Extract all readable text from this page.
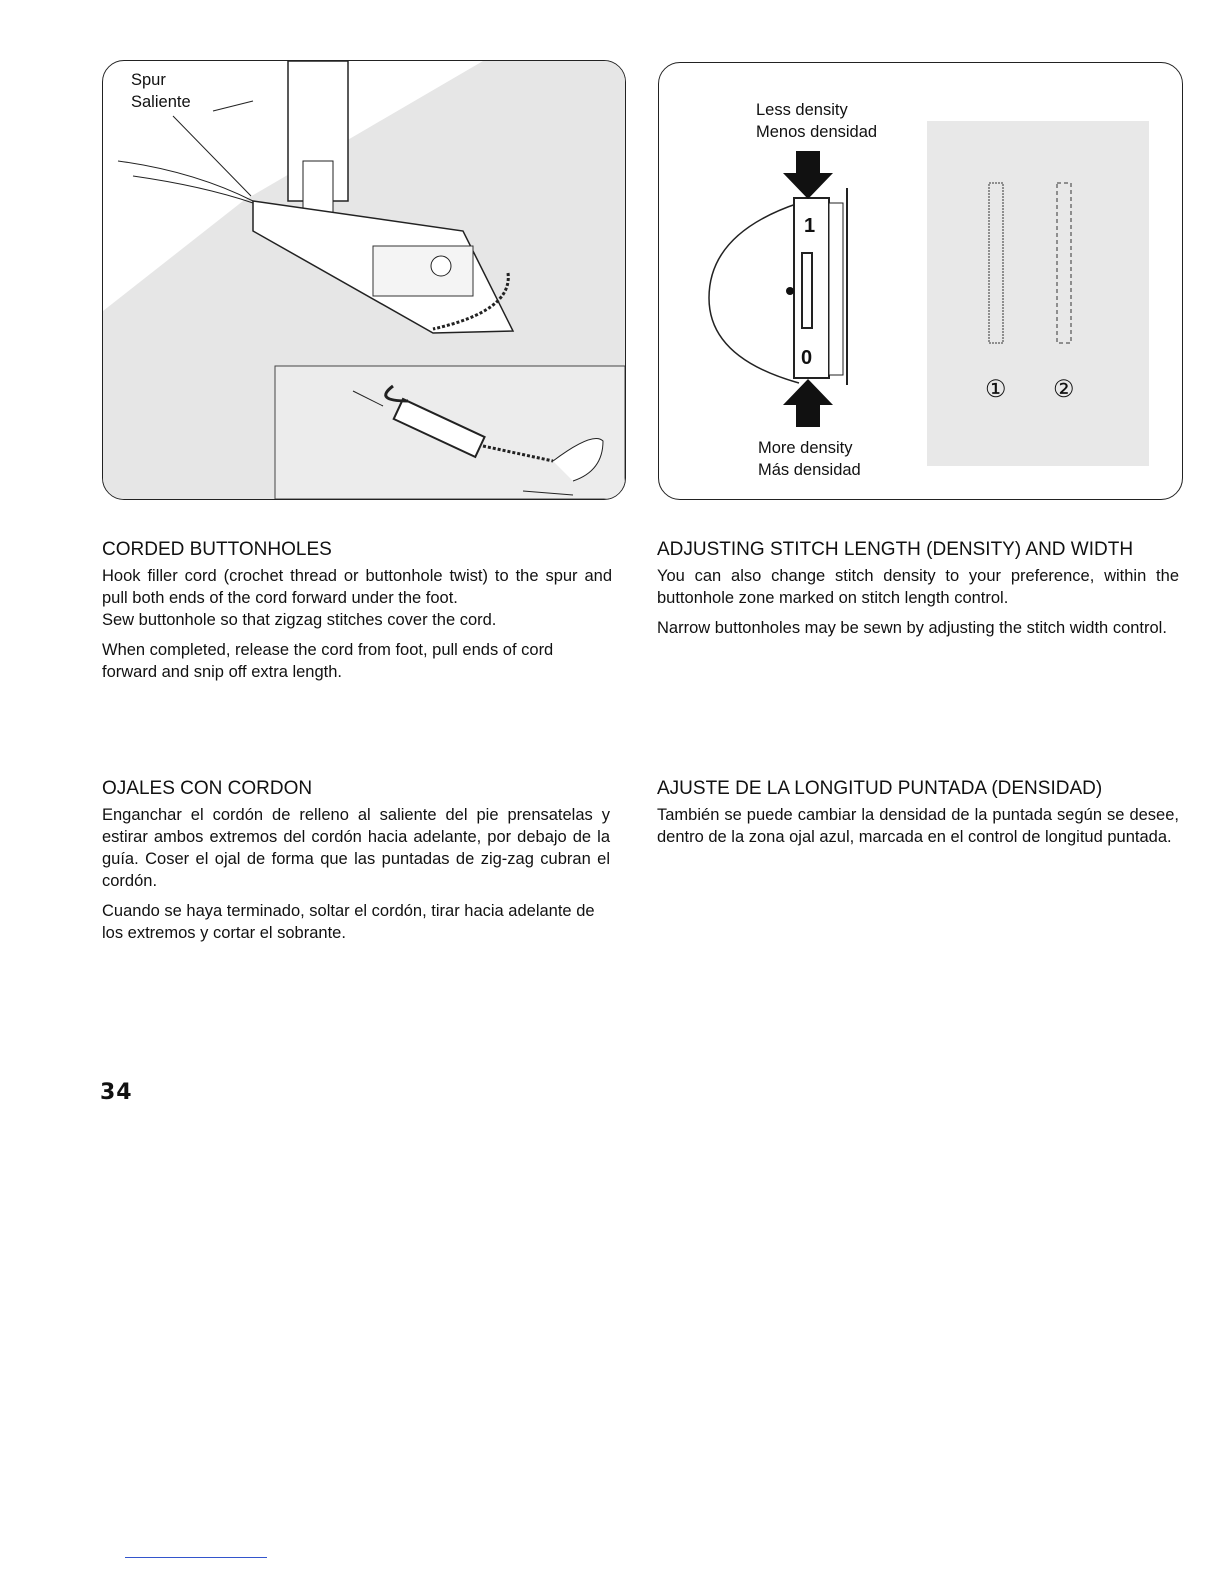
Spur
Saliente
1
0
① ②
Less density
Menos densidad
More density
Más densidad
CORDED BUTTONHOLES

Hook filler cord (crochet thread or buttonhole twist) to the spur and pull both ends of the cord forward under the foot.

Sew buttonhole so that zigzag stitches cover the cord.

When completed, release the cord from foot, pull ends of cord forward and snip off extra length.

ADJUSTING STITCH LENGTH (DENSITY) AND WIDTH

You can also change stitch density to your preference, within the buttonhole zone marked on stitch length control.

Narrow buttonholes may be sewn by adjusting the stitch width control.

OJALES CON CORDON

Enganchar el cordón de relleno al saliente del pie prensatelas y estirar ambos extremos del cordón hacia adelante, por debajo de la guía. Coser el ojal de forma que las puntadas de zig-zag cubran el cordón.

Cuando se haya terminado, soltar el cordón, tirar hacia adelante de los extremos y cortar el sobrante.

AJUSTE DE LA LONGITUD PUNTADA (DENSIDAD)

También se puede cambiar la densidad de la puntada según se desee, dentro de la zona ojal azul, marcada en el control de longitud puntada.

34
